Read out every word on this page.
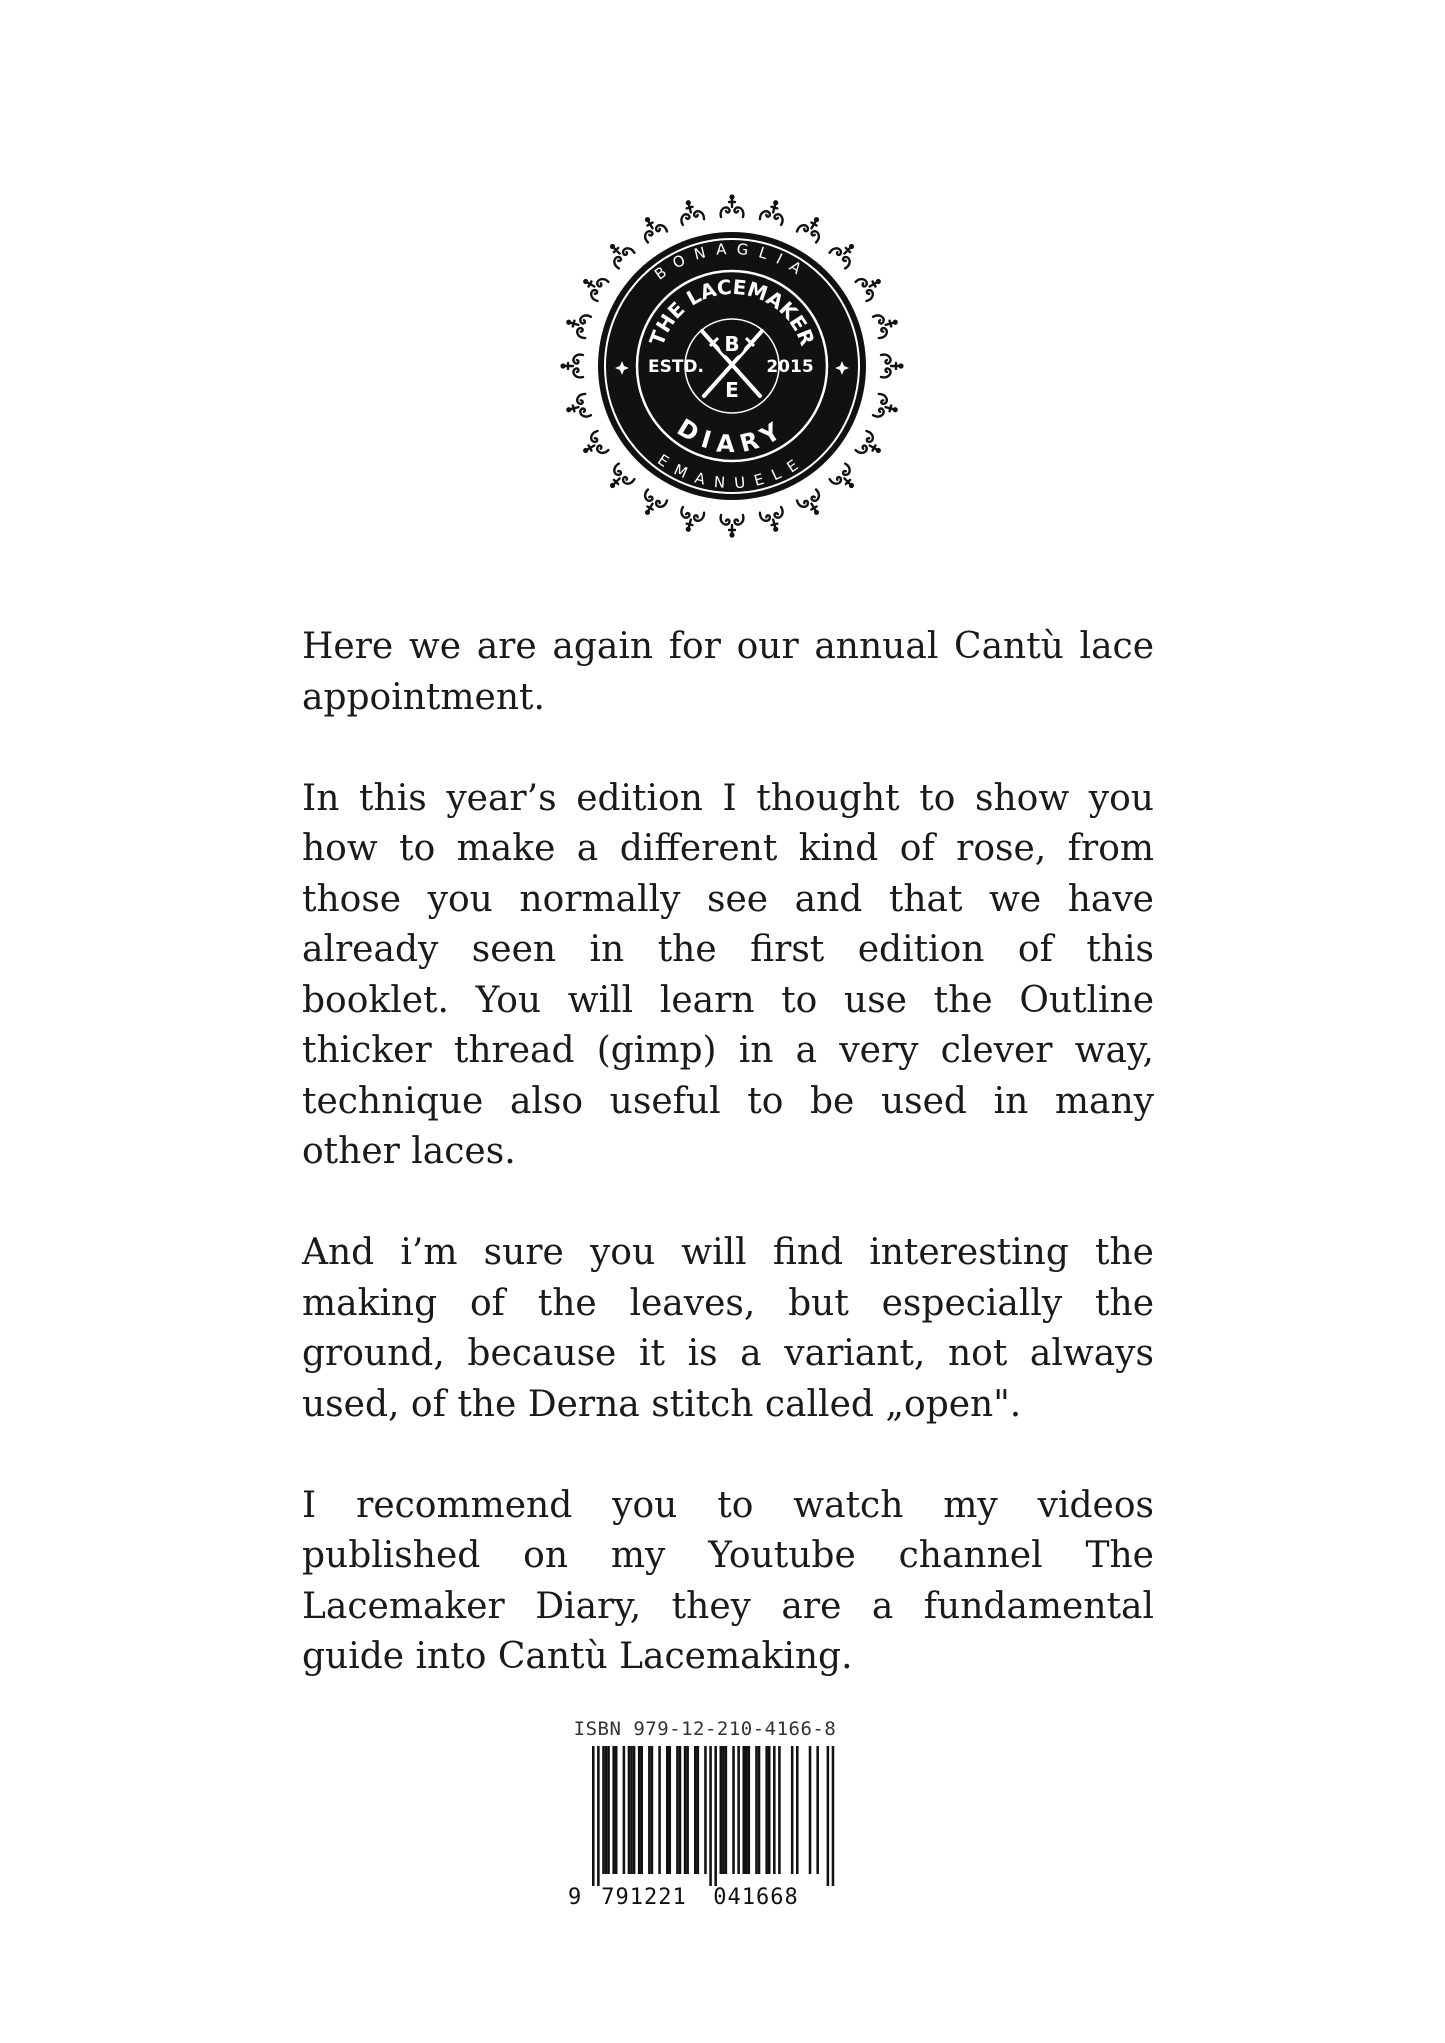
BONAGLIA
EMANUELE
THE LACEMAKER
DIARY
ESTD.	2015
B
E

Here we are again for our annual Cantù lace appointment.

In this year’s edition I thought to show you how to make a different kind of rose, from those you normally see and that we have already seen in the first edition of this booklet. You will learn to use the Outline thicker thread (gimp) in a very clever way, technique also useful to be used in many other laces.

And i’m sure you will find interesting the making of the leaves, but especially the ground, because it is a variant, not always used, of the Derna stitch called „open".

I recommend you to watch my videos published on my Youtube channel The Lacemaker Diary, they are a fundamental guide into Cantù Lacemaking.

ISBN 979-12-210-4166-8
9 791221 041668
